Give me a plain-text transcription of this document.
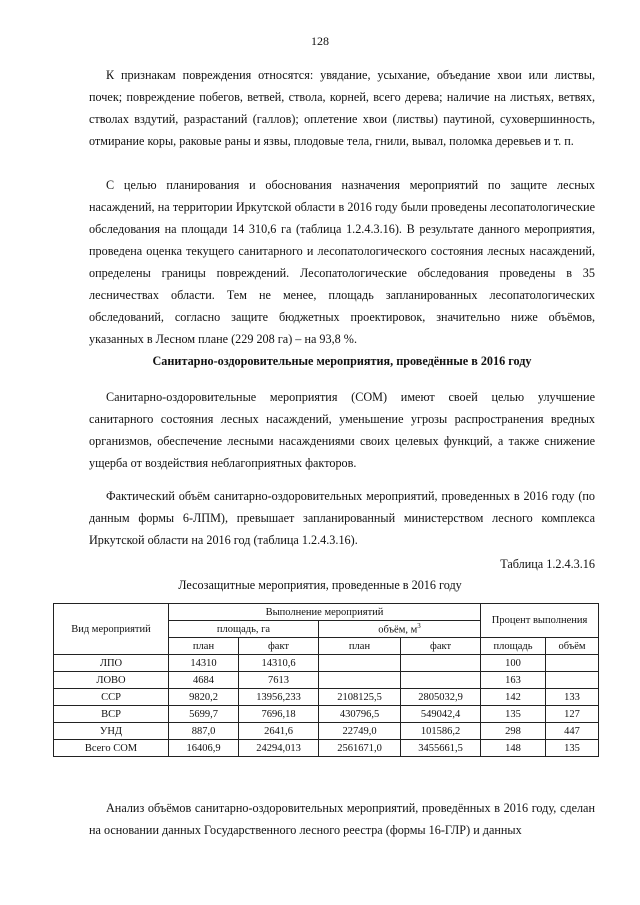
128

К признакам повреждения относятся: увядание, усыхание, объедание хвои или листвы, почек; повреждение побегов, ветвей, ствола, корней, всего дерева; наличие на листьях, ветвях, стволах вздутий, разрастаний (галлов); оплетение хвои (листвы) паутиной, суховершинность, отмирание коры, раковые раны и язвы, плодовые тела, гнили, вывал, поломка деревьев и т. п.

С целью планирования и обоснования назначения мероприятий по защите лесных насаждений, на территории Иркутской области в 2016 году были проведены лесопатологические обследования на площади 14 310,6 га (таблица 1.2.4.3.16). В результате данного мероприятия, проведена оценка текущего санитарного и лесопатологического состояния лесных насаждений, определены границы повреждений. Лесопатологические обследования проведены в 35 лесничествах области. Тем не менее, площадь запланированных лесопатологических обследований, согласно защите бюджетных проектировок, значительно ниже объёмов, указанных в Лесном плане (229 208 га) – на 93,8 %.

Санитарно-оздоровительные мероприятия, проведённые в 2016 году

Санитарно-оздоровительные мероприятия (СОМ) имеют своей целью улучшение санитарного состояния лесных насаждений, уменьшение угрозы распространения вредных организмов, обеспечение лесными насаждениями своих целевых функций, а также снижение ущерба от воздействия неблагоприятных факторов.

Фактический объём санитарно-оздоровительных мероприятий, проведенных в 2016 году (по данным формы 6-ЛПМ), превышает запланированный министерством лесного комплекса Иркутской области на 2016 год (таблица 1.2.4.3.16).

Таблица 1.2.4.3.16
Лесозащитные мероприятия, проведенные в 2016 году
Вид мероприятий	Выполнение мероприятий				Процент выполнения	
	площадь, га		объём, $м^3$
	план	факт	план	факт	площадь	объём
ЛПО	14310	14310,6			100	
ЛОВО	4684	7613			163	
ССР	9820,2	13956,233	2108125,5	2805032,9	142	133
ВСР	5699,7	7696,18	430796,5	549042,4	135	127
УНД	887,0	2641,6	22749,0	101586,2	298	447
Всего СОМ	16406,9	24294,013	2561671,0	3455661,5	148	135

Анализ объёмов санитарно-оздоровительных мероприятий, проведённых в 2016 году, сделан на основании данных Государственного лесного реестра (формы 16-ГЛР) и данных
